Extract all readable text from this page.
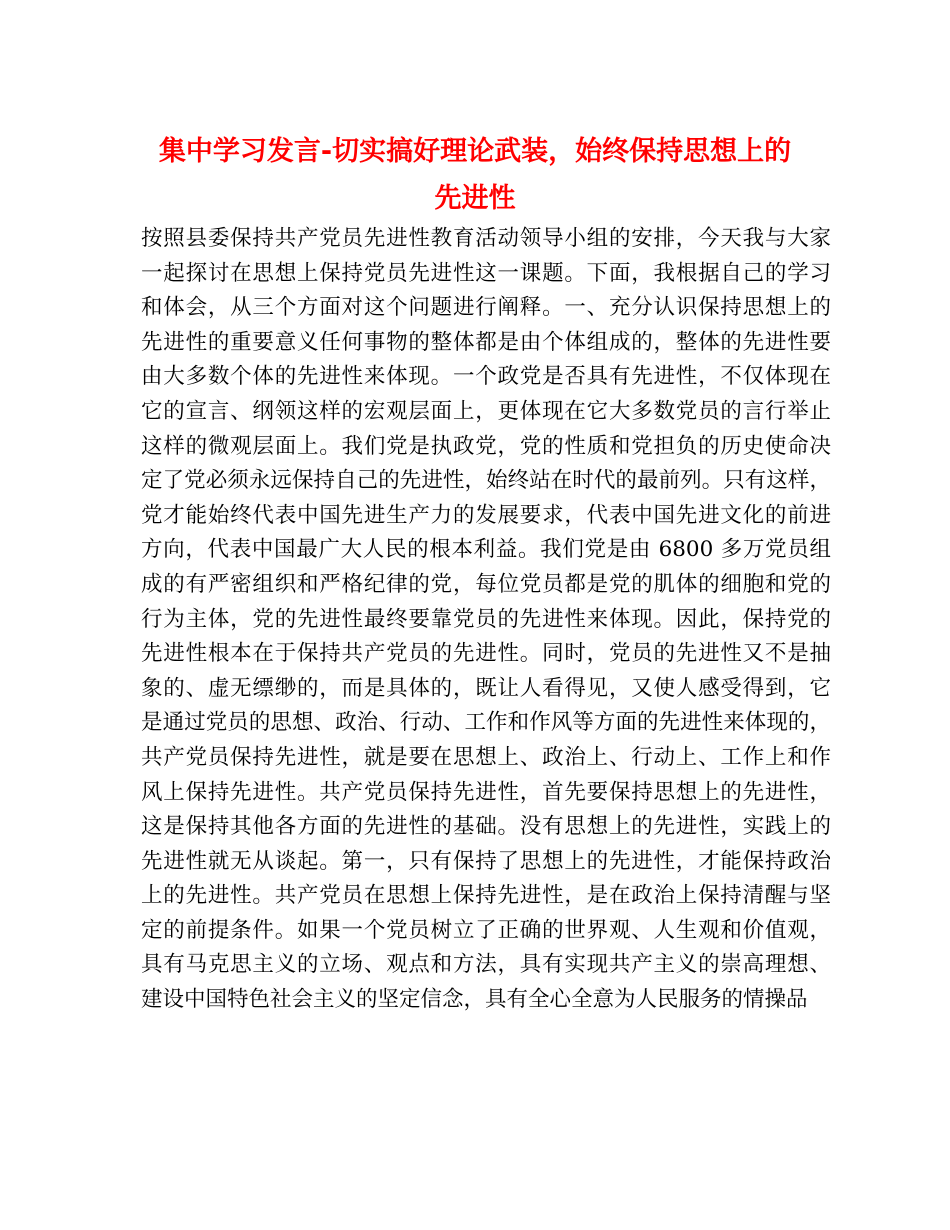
集中学习发言-切实搞好理论武装，始终保持思想上的
先进性
按照县委保持共产党员先进性教育活动领导小组的安排，今天我与大家
一起探讨在思想上保持党员先进性这一课题。下面，我根据自己的学习
和体会，从三个方面对这个问题进行阐释。一、充分认识保持思想上的
先进性的重要意义任何事物的整体都是由个体组成的，整体的先进性要
由大多数个体的先进性来体现。一个政党是否具有先进性，不仅体现在
它的宣言、纲领这样的宏观层面上，更体现在它大多数党员的言行举止
这样的微观层面上。我们党是执政党，党的性质和党担负的历史使命决
定了党必须永远保持自己的先进性，始终站在时代的最前列。只有这样，
党才能始终代表中国先进生产力的发展要求，代表中国先进文化的前进
方向，代表中国最广大人民的根本利益。我们党是由 6800 多万党员组
成的有严密组织和严格纪律的党，每位党员都是党的肌体的细胞和党的
行为主体，党的先进性最终要靠党员的先进性来体现。因此，保持党的
先进性根本在于保持共产党员的先进性。同时，党员的先进性又不是抽
象的、虚无缥缈的，而是具体的，既让人看得见，又使人感受得到，它
是通过党员的思想、政治、行动、工作和作风等方面的先进性来体现的，
共产党员保持先进性，就是要在思想上、政治上、行动上、工作上和作
风上保持先进性。共产党员保持先进性，首先要保持思想上的先进性，
这是保持其他各方面的先进性的基础。没有思想上的先进性，实践上的
先进性就无从谈起。第一，只有保持了思想上的先进性，才能保持政治
上的先进性。共产党员在思想上保持先进性，是在政治上保持清醒与坚
定的前提条件。如果一个党员树立了正确的世界观、人生观和价值观，
具有马克思主义的立场、观点和方法，具有实现共产主义的崇高理想、
建设中国特色社会主义的坚定信念，具有全心全意为人民服务的情操品
